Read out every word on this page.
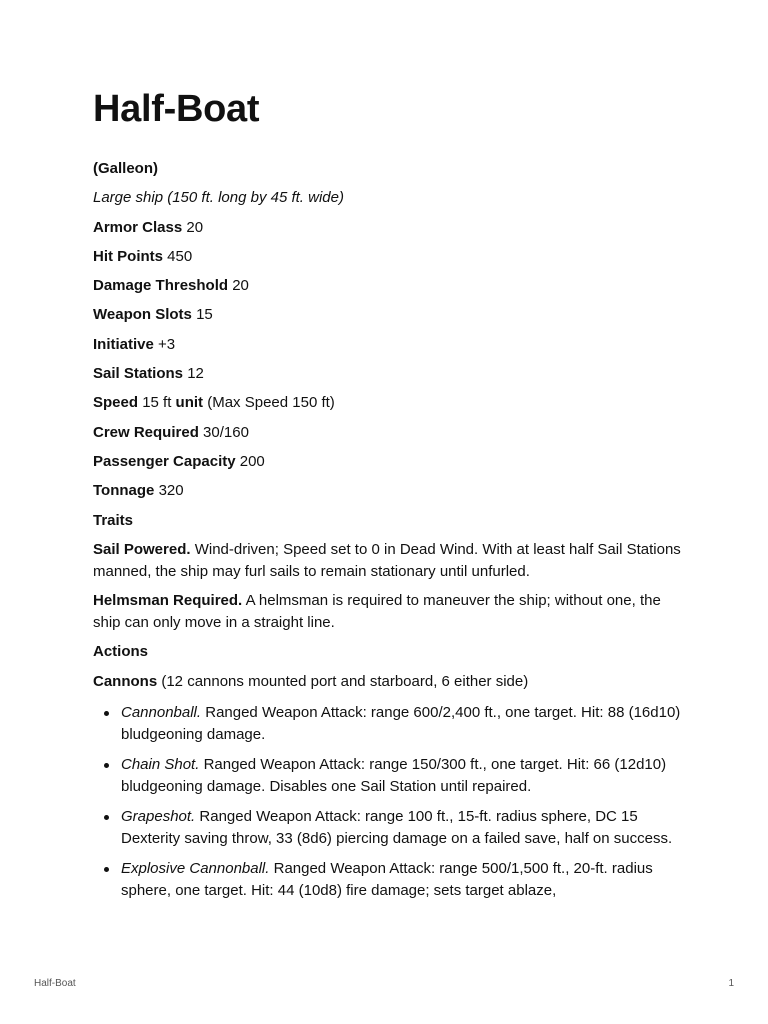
Half-Boat
(Galleon)
Large ship (150 ft. long by 45 ft. wide)
Armor Class 20
Hit Points 450
Damage Threshold 20
Weapon Slots 15
Initiative +3
Sail Stations 12
Speed 15 ft unit (Max Speed 150 ft)
Crew Required 30/160
Passenger Capacity 200
Tonnage 320
Traits
Sail Powered. Wind-driven; Speed set to 0 in Dead Wind. With at least half Sail Stations manned, the ship may furl sails to remain stationary until unfurled.
Helmsman Required. A helmsman is required to maneuver the ship; without one, the ship can only move in a straight line.
Actions
Cannons (12 cannons mounted port and starboard, 6 either side)
Cannonball. Ranged Weapon Attack: range 600/2,400 ft., one target. Hit: 88 (16d10) bludgeoning damage.
Chain Shot. Ranged Weapon Attack: range 150/300 ft., one target. Hit: 66 (12d10) bludgeoning damage. Disables one Sail Station until repaired.
Grapeshot. Ranged Weapon Attack: range 100 ft., 15-ft. radius sphere, DC 15 Dexterity saving throw, 33 (8d6) piercing damage on a failed save, half on success.
Explosive Cannonball. Ranged Weapon Attack: range 500/1,500 ft., 20-ft. radius sphere, one target. Hit: 44 (10d8) fire damage; sets target ablaze,
Half-Boat	1
